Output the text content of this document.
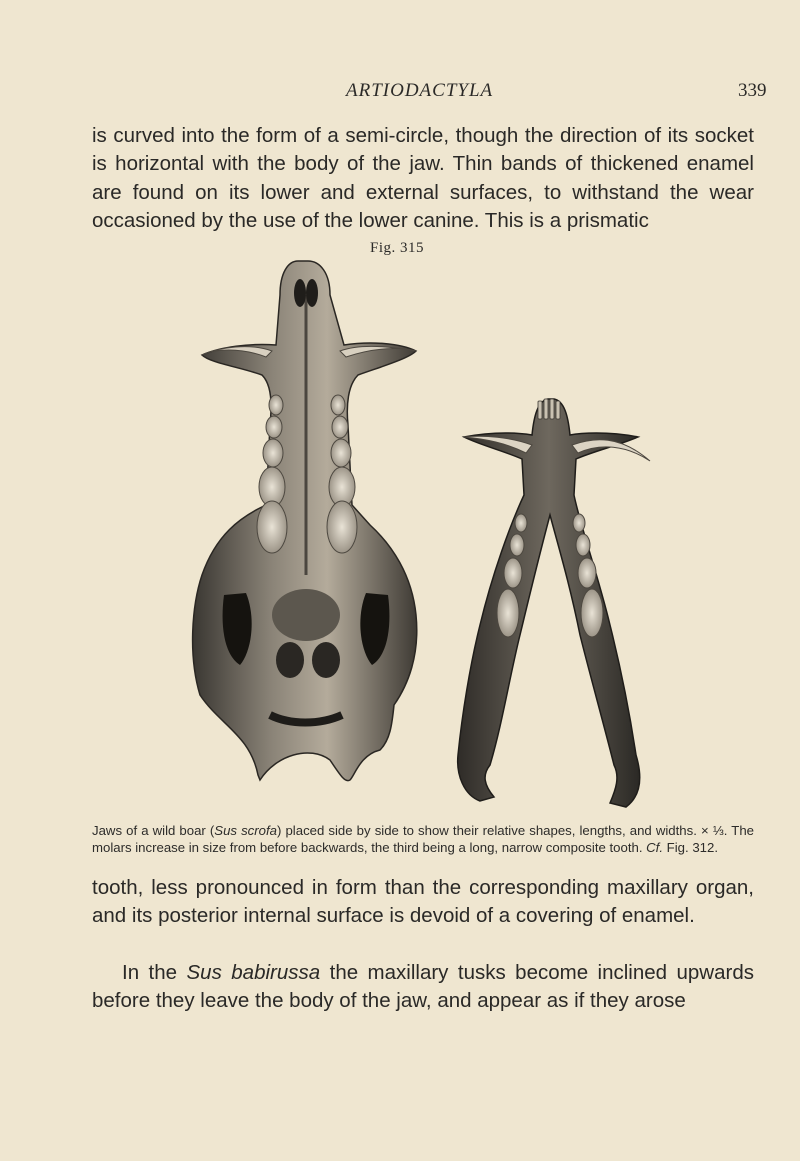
ARTIODACTYLA	339

is curved into the form of a semi-circle, though the direction of its socket is horizontal with the body of the jaw. Thin bands of thickened enamel are found on its lower and external surfaces, to withstand the wear occasioned by the use of the lower canine. This is a prismatic

Fig. 315

Jaws of a wild boar (Sus scrofa) placed side by side to show their relative shapes, lengths, and widths. × ⅓. The molars increase in size from before backwards, the third being a long, narrow composite tooth. Cf. Fig. 312.

tooth, less pronounced in form than the corresponding maxillary organ, and its posterior internal surface is devoid of a covering of enamel.

In the Sus babirussa the maxillary tusks become inclined upwards before they leave the body of the jaw, and appear as if they arose
